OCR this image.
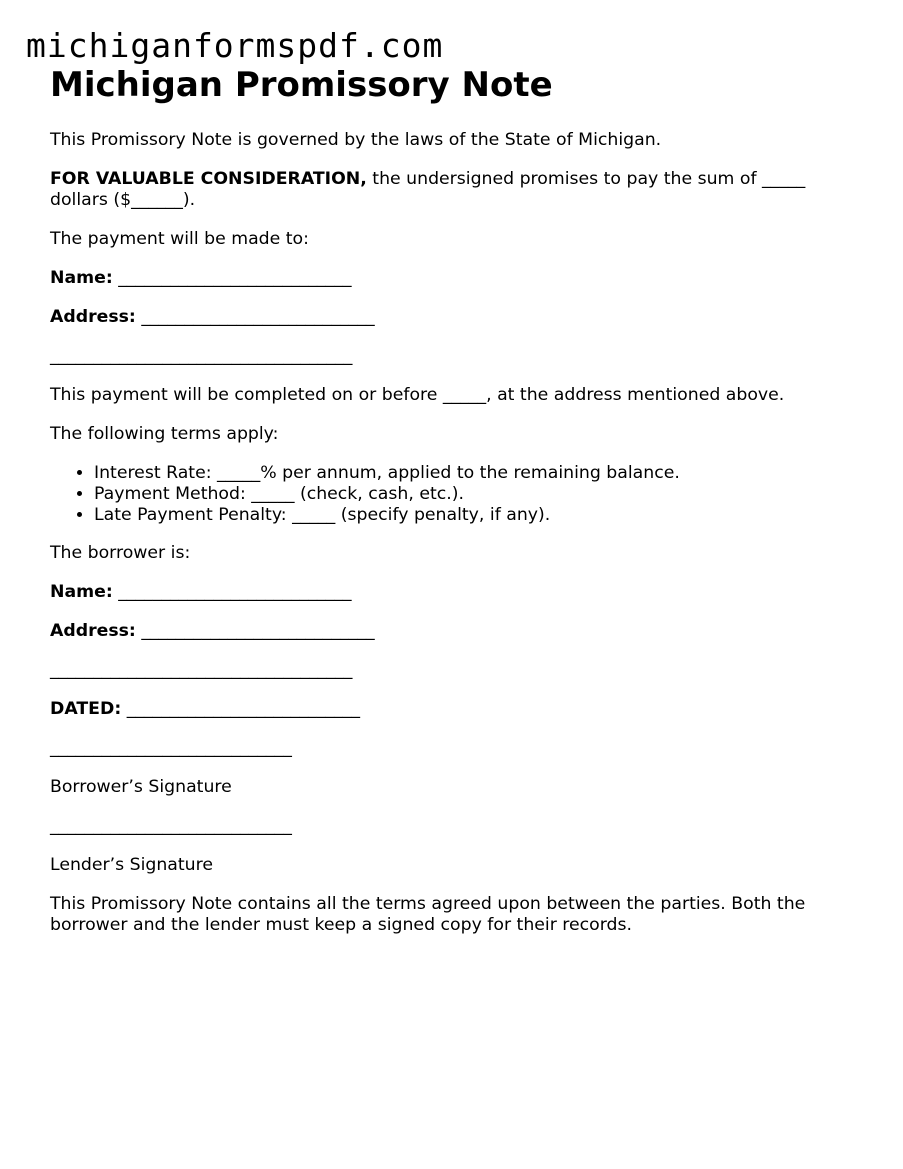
michiganformspdf.com
Michigan Promissory Note

This Promissory Note is governed by the laws of the State of Michigan.

FOR VALUABLE CONSIDERATION, the undersigned promises to pay the sum of _____ dollars ($______).

The payment will be made to:

Name: ___________________________

Address: ___________________________

___________________________________

This payment will be completed on or before _____, at the address mentioned above.

The following terms apply:

• Interest Rate: _____% per annum, applied to the remaining balance.
• Payment Method: _____ (check, cash, etc.).
• Late Payment Penalty: _____ (specify penalty, if any).

The borrower is:

Name: ___________________________

Address: ___________________________

___________________________________

DATED: ___________________________

____________________________

Borrower’s Signature

____________________________

Lender’s Signature

This Promissory Note contains all the terms agreed upon between the parties. Both the borrower and the lender must keep a signed copy for their records.
